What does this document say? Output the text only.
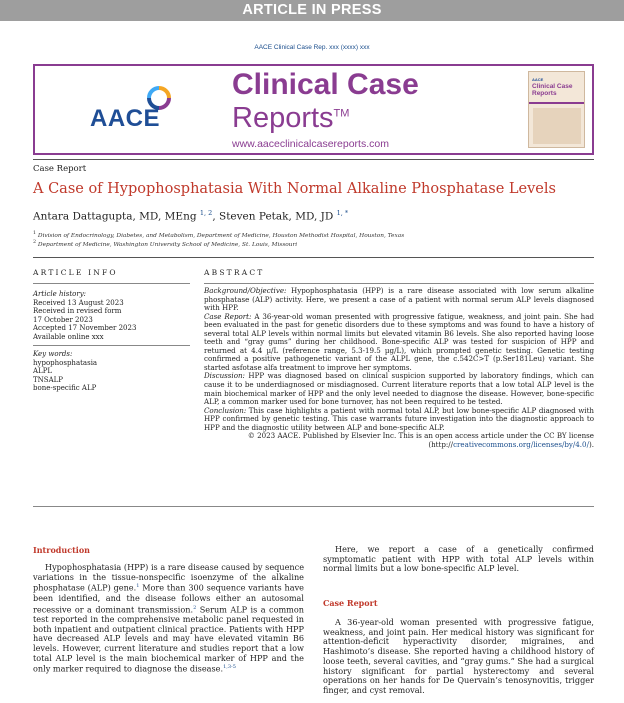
ARTICLE IN PRESS
AACE Clinical Case Rep. xxx (xxxx) xxx
AACE
Clinical Case
Reports™
www.aaceclinicalcasereports.com
AACE
Clinical Case Reports
Case Report
A Case of Hypophosphatasia With Normal Alkaline Phosphatase Levels
Antara Dattagupta, MD, MEng $^{1, 2}$, Steven Petak, MD, JD $^{1, *}$
$^1$ Division of Endocrinology, Diabetes, and Metabolism, Department of Medicine, Houston Methodist Hospital, Houston, Texas
$^2$ Department of Medicine, Washington University School of Medicine, St. Louis, Missouri
ARTICLE INFO	ABSTRACT
Article history:
Received 13 August 2023
Received in revised form
17 October 2023
Accepted 17 November 2023
Available online xxx
Key words:
hypophosphatasia
ALPL
TNSALP
bone-specific ALP

Background/Objective: Hypophosphatasia (HPP) is a rare disease associated with low serum alkaline phosphatase (ALP) activity. Here, we present a case of a patient with normal serum ALP levels diagnosed with HPP.

Case Report: A 36-year-old woman presented with progressive fatigue, weakness, and joint pain. She had been evaluated in the past for genetic disorders due to these symptoms and was found to have a history of several total ALP levels within normal limits but elevated vitamin B6 levels. She also reported having loose teeth and “gray gums” during her childhood. Bone-specific ALP was tested for suspicion of HPP and returned at 4.4 µ/L (reference range, 5.3-19.5 µg/L), which prompted genetic testing. Genetic testing confirmed a positive pathogenetic variant of the ALPL gene, the c.542C>T (p.Ser181Leu) variant. She started asfotase alfa treatment to improve her symptoms.

Discussion: HPP was diagnosed based on clinical suspicion supported by laboratory findings, which can cause it to be underdiagnosed or misdiagnosed. Current literature reports that a low total ALP level is the main biochemical marker of HPP and the only level needed to diagnose the disease. However, bone-specific ALP, a common marker used for bone turnover, has not been required to be tested.

Conclusion: This case highlights a patient with normal total ALP, but low bone-specific ALP diagnosed with HPP confirmed by genetic testing. This case warrants future investigation into the diagnostic approach to HPP and the diagnostic utility between ALP and bone-specific ALP.

© 2023 AACE. Published by Elsevier Inc. This is an open access article under the CC BY license (http://creativecommons.org/licenses/by/4.0/).

Introduction

Hypophosphatasia (HPP) is a rare disease caused by sequence variations in the tissue-nonspecific isoenzyme of the alkaline phosphatase (ALP) gene.$^1$ More than 300 sequence variants have been identified, and the disease follows either an autosomal recessive or a dominant transmission.$^2$ Serum ALP is a common test reported in the comprehensive metabolic panel requested in both inpatient and outpatient clinical practice. Patients with HPP have decreased ALP levels and may have elevated vitamin B6 levels. However, current literature and studies report that a low total ALP level is the main biochemical marker of HPP and the only marker required to diagnose the disease.$^{1,3-5}$

Here, we report a case of a genetically confirmed symptomatic patient with HPP with total ALP levels within normal limits but a low bone-specific ALP level.

Case Report

A 36-year-old woman presented with progressive fatigue, weakness, and joint pain. Her medical history was significant for attention-deficit hyperactivity disorder, migraines, and Hashimoto’s disease. She reported having a childhood history of loose teeth, several cavities, and “gray gums.” She had a surgical history significant for partial hysterectomy and several operations on her hands for De Quervain’s tenosynovitis, trigger finger, and cyst removal.
